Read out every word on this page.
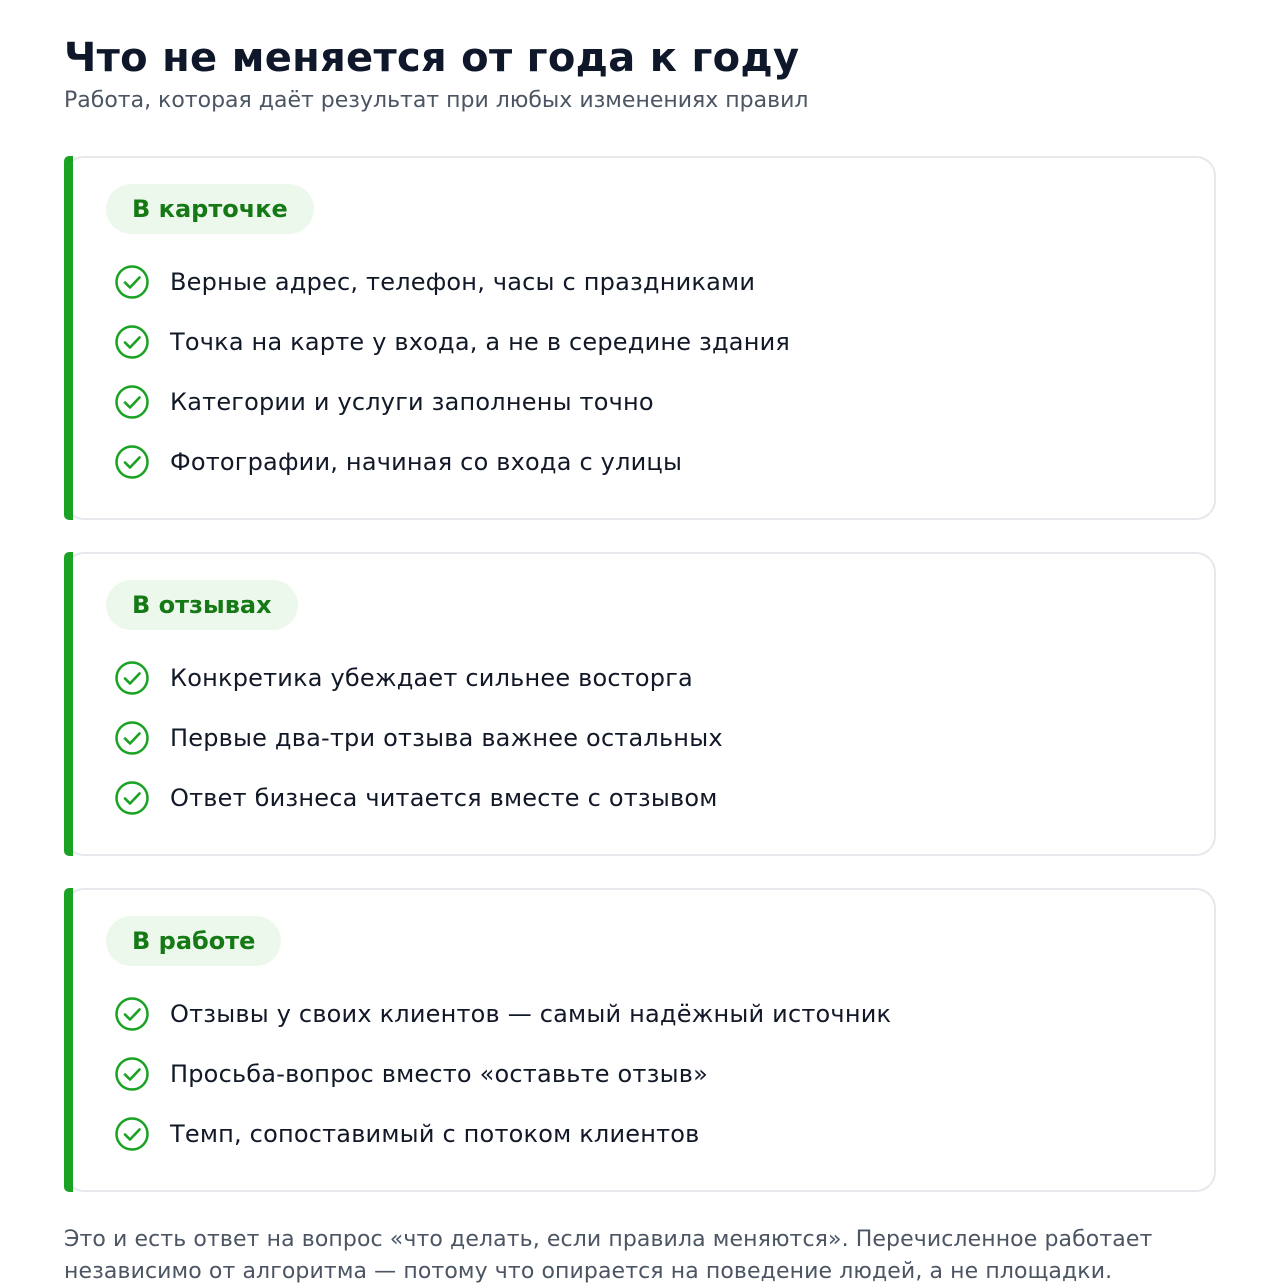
Что не меняется от года к году

Работа, которая даёт результат при любых изменениях правил

В карточке
Верные адрес, телефон, часы с праздниками
Точка на карте у входа, а не в середине здания
Категории и услуги заполнены точно
Фотографии, начиная со входа с улицы
В отзывах
Конкретика убеждает сильнее восторга
Первые два-три отзыва важнее остальных
Ответ бизнеса читается вместе с отзывом
В работе
Отзывы у своих клиентов — самый надёжный источник
Просьба-вопрос вместо «оставьте отзыв»
Темп, сопоставимый с потоком клиентов

Это и есть ответ на вопрос «что делать, если правила меняются». Перечисленное работает независимо от алгоритма — потому что опирается на поведение людей, а не площадки.
